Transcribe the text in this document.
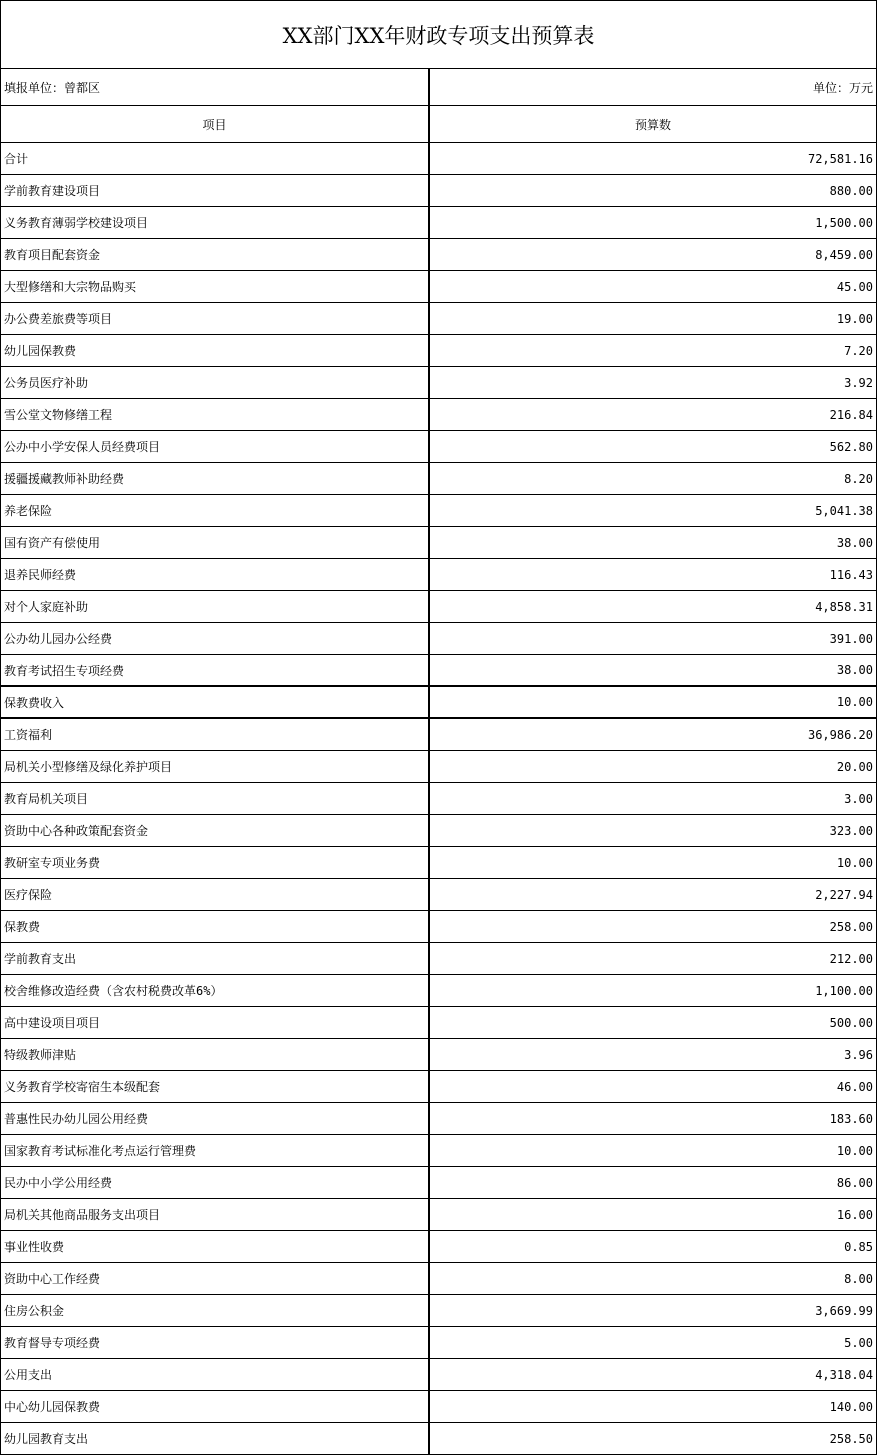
XX部门XX年财政专项支出预算表
填报单位：曾都区	单位：万元
项目	预算数
合计	72,581.16
学前教育建设项目	880.00
义务教育薄弱学校建设项目	1,500.00
教育项目配套资金	8,459.00
大型修缮和大宗物品购买	45.00
办公费差旅费等项目	19.00
幼儿园保教费	7.20
公务员医疗补助	3.92
雪公堂文物修缮工程	216.84
公办中小学安保人员经费项目	562.80
援疆援藏教师补助经费	8.20
养老保险	5,041.38
国有资产有偿使用	38.00
退养民师经费	116.43
对个人家庭补助	4,858.31
公办幼儿园办公经费	391.00
教育考试招生专项经费	38.00
保教费收入	10.00
工资福利	36,986.20
局机关小型修缮及绿化养护项目	20.00
教育局机关项目	3.00
资助中心各种政策配套资金	323.00
教研室专项业务费	10.00
医疗保险	2,227.94
保教费	258.00
学前教育支出	212.00
校舍维修改造经费（含农村税费改革6%）	1,100.00
高中建设项目项目	500.00
特级教师津贴	3.96
义务教育学校寄宿生本级配套	46.00
普惠性民办幼儿园公用经费	183.60
国家教育考试标准化考点运行管理费	10.00
民办中小学公用经费	86.00
局机关其他商品服务支出项目	16.00
事业性收费	0.85
资助中心工作经费	8.00
住房公积金	3,669.99
教育督导专项经费	5.00
公用支出	4,318.04
中心幼儿园保教费	140.00
幼儿园教育支出	258.50
